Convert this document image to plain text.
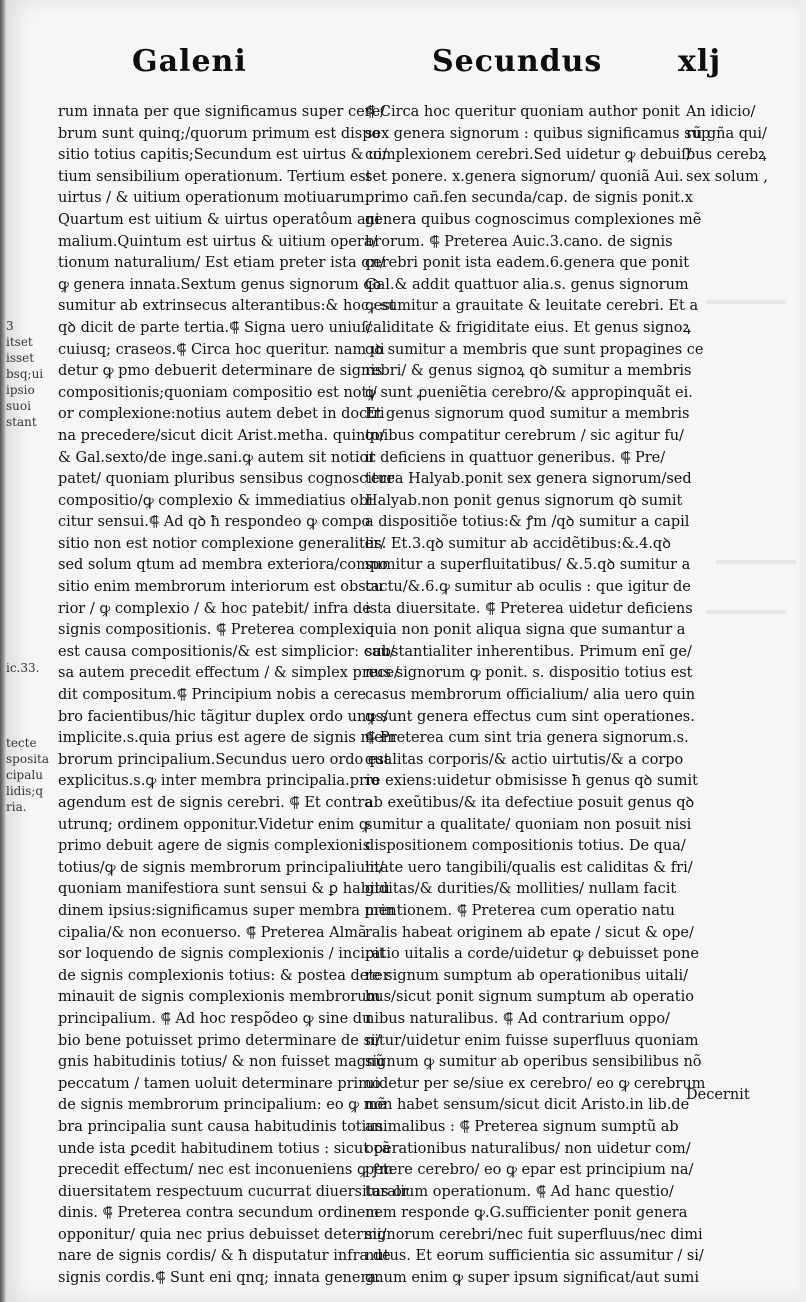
Galeni	Secundus	xlj
3
itset
isset
bsq;ui
ipsio
suoi
stant
ic.33.
tecte
sposita
cipalu
lidis;q
ria.
rum innata per que significamus super cere/
brum sunt quinq;/quorum primum est dispo
sitio totius capitis;Secundum est uirtus & ui/
tium sensibilium operationum. Tertium est
uirtus / & uitium operationum motiuarum.
Quartum est uitium & uirtus operatôum ani
malium.Quintum est uirtus & uitium opera/
tionum naturalium/ Est etiam preter ista qn/
ꝙ genera innata.Sextum genus signorum qꝺ
sumitur ab extrinsecus alterantibus:& hoc est
qꝺ dicit de parte tertia.⸿ Signa uero uniuſ/
cuiusq; craseos.⸿ Circa hoc queritur. nam ui
detur ꝙ pmo debuerit determinare de signis
compositionis;quoniam compositio est noti/
or complexione:notius autem debet in doctri
na precedere/sicut dicit Arist.metha. quinto/
& Gal.sexto/de inge.sani.ꝙ autem sit notior
patet/ quoniam pluribus sensibus cognoscitur
compositio/ꝙ complexio & immediatius obi
citur sensui.⸿ Ad qꝺ ħ respondeo ꝙ compo
sitio non est notior complexione generaliter/
sed solum qtum ad membra exteriora/compo
sitio enim membrorum interiorum est obscu
rior / ꝙ complexio / & hoc patebit/ infra de
signis compositionis. ⸿ Preterea complexio
est causa compositionis/& est simpliciorː cau/
sa autem precedit effectum / & simplex prece/
dit compositum.⸿ Principium nobis a cere
bro facientibus/hic tãgitur duplex ordo unus/
implicite.s.quia prius est agere de signis mem
brorum principalium.Secundus uero ordo est
explicitus.s.ꝙ inter membra principalia.prio
agendum est de signis cerebri. ⸿ Et contra
utrunq; ordinem opponitur.Videtur enim ꝙ
primo debuit agere de signis complexionis
totius/ꝙ de signis membrorum principalium/
quoniam manifestiora sunt sensui & ꝑ habitu
dinem ipsius:significamus super membra prin
cipalia/& non econuerso. ⸿ Preterea Almã
sor loquendo de signis complexionis / incipit
de signis complexionis totius: & postea deter
minauit de signis complexionis membrorum
principalium. ⸿ Ad hoc respõdeo ꝙ sine du
bio bene potuisset primo determinare de si/
gnis habitudinis totius/ & non fuisset magnũ
peccatum / tamen uoluit determinare primo
de signis membrorum principalium: eo ꝙ mẽ
bra principalia sunt causa habitudinis totius.
unde ista ꝑcedit habitudinem totius : sicut cã
precedit effectum/ nec est inconueniens ꝙ ꝭm
diuersitatem respectuum cucurrat diuersitas or
dinis. ⸿ Preterea contra secundum ordinem
opponitur/ quia nec prius debuisset determi/
nare de signis cordis/ & ħ disputatur infra de
signis cordis.⸿ Sunt eni qnq; innata genera.
⸿ Circa hoc queritur quoniam author ponit
sex genera signorum : quibus significamus sup
complexionem cerebri.Sed uidetur ꝙ debuiſ/
set ponere. x.genera signorum/ quoniã Aui.
primo cañ.fen secunda/cap. de signis ponit.x
genera quibus cognoscimus complexiones mẽ
brorum. ⸿ Preterea Auic.3.cano. de signis
cerebri ponit ista eadem.6.genera que ponit
Gal.& addit quattuor alia.s. genus signorum
ꝙ sumitur a grauitate & leuitate cerebri. Et a
caliditate & frigiditate eius. Et genus signoꝝ
qꝺ sumitur a membris que sunt propagines ce
rebri/ & genus signoꝝ qꝺ sumitur a membris
ꝙ sunt ꝓueniẽtia cerebro/& appropinquãt ei.
Et genus signorum quod sumitur a membris
quibus compatitur cerebrum / sic agitur fu/
it deficiens in quattuor generibus. ⸿ Pre/
terea Halyab.ponit sex genera signorum/sed
Halyab.non ponit genus signorum qꝺ sumit
a dispositiõe totius:& ꝭm /qꝺ sumitur a capil
lis. Et.3.qꝺ sumitur ab accidẽtibus:&.4.qꝺ
sumitur a superfluitatibus/ &.5.qꝺ sumitur a
tactu/&.6.ꝙ sumitur ab oculis : que igitur de
ista diuersitate. ⸿ Preterea uidetur deficiens
quia non ponit aliqua signa que sumantur a
substantialiter inherentibus. Primum enĩ ge/
nus signorum ꝙ ponit. s. dispositio totius est
casus membrorum officialium/ alia uero quin
ꝙ sunt genera effectus cum sint operationes.
⸿ Preterea cum sint tria genera signorum.s.
qualitas corporis/& actio uirtutis/& a corpo
re exiens:uidetur obmisisse ħ genus qꝺ sumit
ab exeũtibus/& ita defectiue posuit genus qꝺ
sumitur a qualitate/ quoniam non posuit nisi
dispositionem compositionis totius. De qua/
litate uero tangibili/qualis est caliditas & fri/
giditas/& durities/& mollities/ nullam facit
mentionem. ⸿ Preterea cum operatio natu
ralis habeat originem ab epate / sicut & ope/
ratio uitalis a corde/uidetur ꝙ debuisset pone
re signum sumptum ab operationibus uitali/
bus/sicut ponit signum sumptum ab operatio
nibus naturalibus. ⸿ Ad contrarium oppo/
nitur/uidetur enim fuisse superfluus quoniam
signum ꝙ sumitur ab operibus sensibilibus nõ
uidetur per se/siue ex cerebro/ eo ꝙ cerebrum
non habet sensum/sicut dicit Aristo.in lib.de
animalibus : ⸿ Preterea signum sumptũ ab
operationibus naturalibus/ non uidetur com/
petere cerebro/ eo ꝙ epar est principium na/
turalium operationum. ⸿ Ad hanc questio/
nem responde ꝙ.G.sufficienter ponit genera
signorum cerebri/nec fuit superfluus/nec dimi
nutus. Et eorum sufficientia sic assumitur / si/
gnum enim ꝙ super ipsum significat/aut sumi
An idicio/
rũ gña qui/
bus cerebꝝ
sex solum ,
Decernit
